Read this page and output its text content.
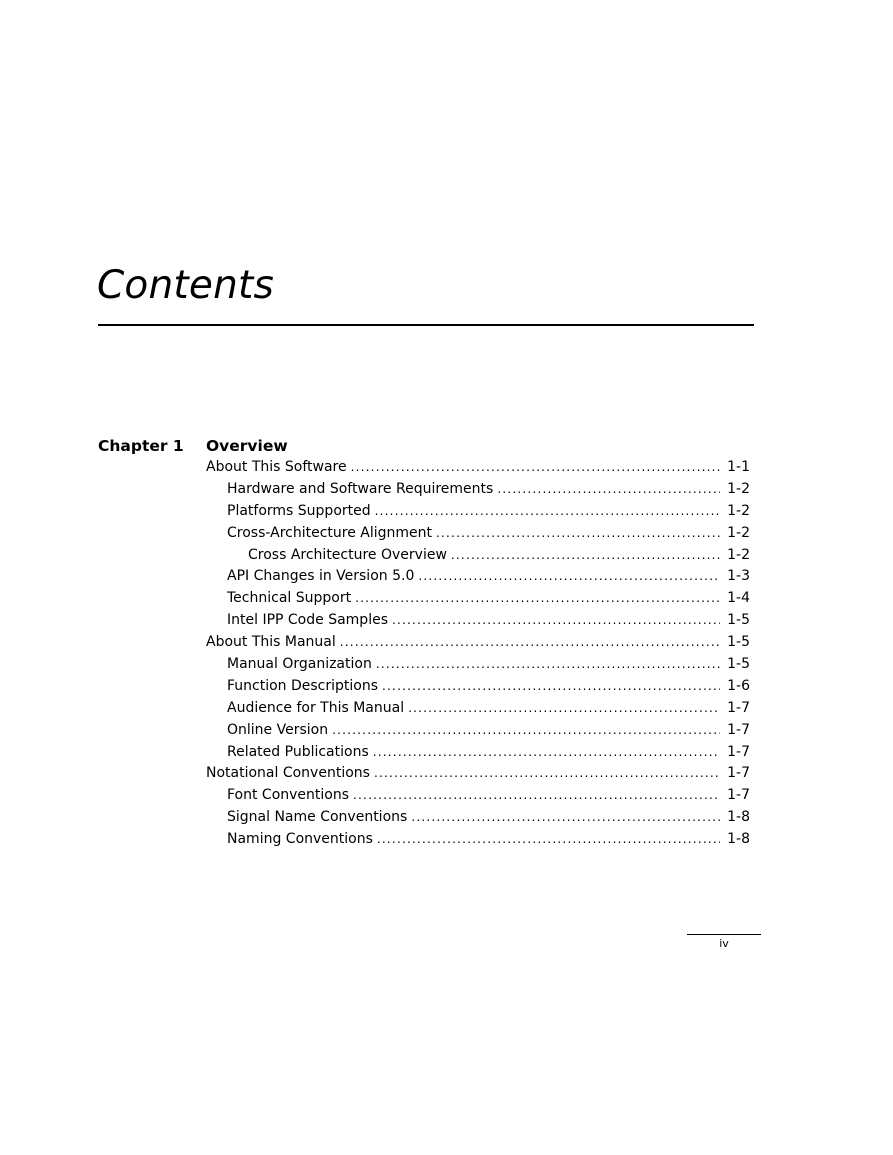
Contents
Chapter 1 Overview
About This Software .....	1-1
Hardware and Software Requirements .....	1-2
Platforms Supported .....	1-2
Cross-Architecture Alignment .....	1-2
Cross Architecture Overview .....	1-2
API Changes in Version 5.0 .....	1-3
Technical Support .....	1-4
Intel IPP Code Samples .....	1-5
About This Manual .....	1-5
Manual Organization .....	1-5
Function Descriptions .....	1-6
Audience for This Manual .....	1-7
Online Version .....	1-7
Related Publications .....	1-7
Notational Conventions .....	1-7
Font Conventions .....	1-7
Signal Name Conventions .....	1-8
Naming Conventions .....	1-8
iv
